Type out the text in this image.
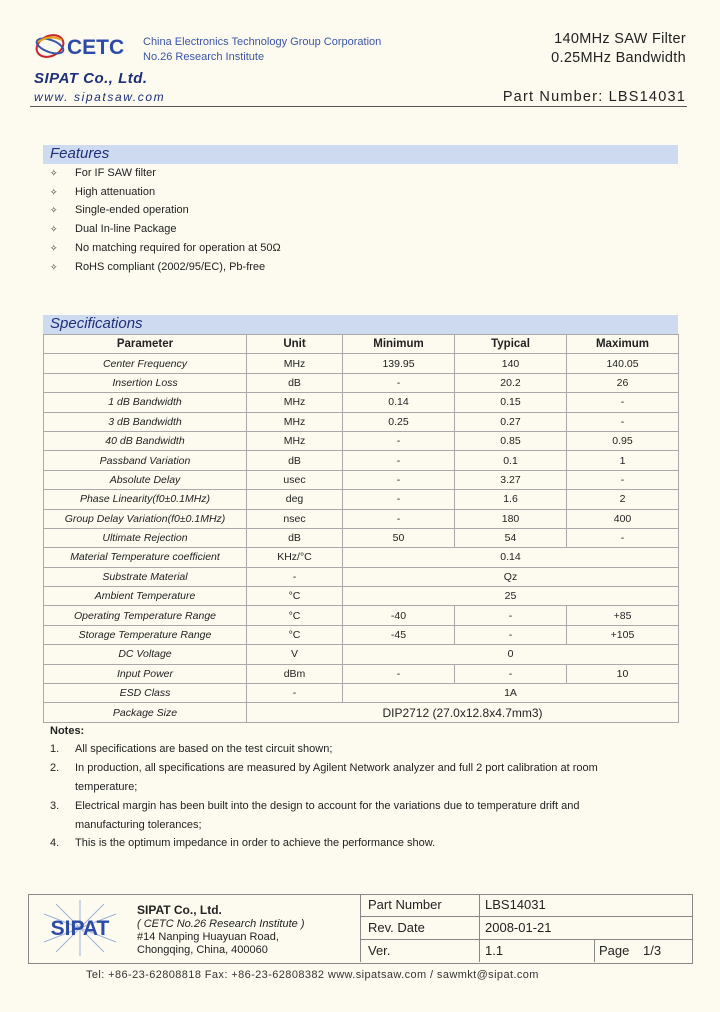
CETC China Electronics Technology Group Corporation
No.26 Research Institute
140MHz SAW Filter
0.25MHz Bandwidth
SIPAT Co., Ltd.
www. sipatsaw.com	Part Number: LBS14031
Features
✧ For IF SAW filter
✧ High attenuation
✧ Single-ended operation
✧ Dual In-line Package
✧ No matching required for operation at 50Ω
✧ RoHS compliant (2002/95/EC), Pb-free
Specifications
Parameter	Unit	Minimum	Typical	Maximum
Center Frequency	MHz	139.95	140	140.05
Insertion Loss	dB	-	20.2	26
1 dB Bandwidth	MHz	0.14	0.15	-
3 dB Bandwidth	MHz	0.25	0.27	-
40 dB Bandwidth	MHz	-	0.85	0.95
Passband Variation	dB	-	0.1	1
Absolute Delay	usec	-	3.27	-
Phase Linearity(f0±0.1MHz)	deg	-	1.6	2
Group Delay Variation(f0±0.1MHz)	nsec	-	180	400
Ultimate Rejection	dB	50	54	-
Material Temperature coefficient	KHz/°C	0.14		
Substrate Material	-	Qz		
Ambient Temperature	°C	25		
Operating Temperature Range	°C	-40	-	+85
Storage Temperature Range	°C	-45	-	+105
DC Voltage	V	0		
Input Power	dBm	-	-	10
ESD Class	-	1A		
Package Size	DIP2712 (27.0x12.8x4.7mm3)			
Notes:
1. All specifications are based on the test circuit shown;
2. In production, all specifications are measured by Agilent Network analyzer and full 2 port calibration at room
temperature;
3. Electrical margin has been built into the design to account for the variations due to temperature drift and
manufacturing tolerances;
4. This is the optimum impedance in order to achieve the performance show.
SIPAT
SIPAT Co., Ltd.
( CETC No.26 Research Institute )
#14 Nanping Huayuan Road,
Chongqing, China, 400060
Part Number	LBS14031
Rev. Date	2008-01-21
Ver.	1.1	Page 1/3
Tel: +86-23-62808818 Fax: +86-23-62808382 www.sipatsaw.com / sawmkt@sipat.com
